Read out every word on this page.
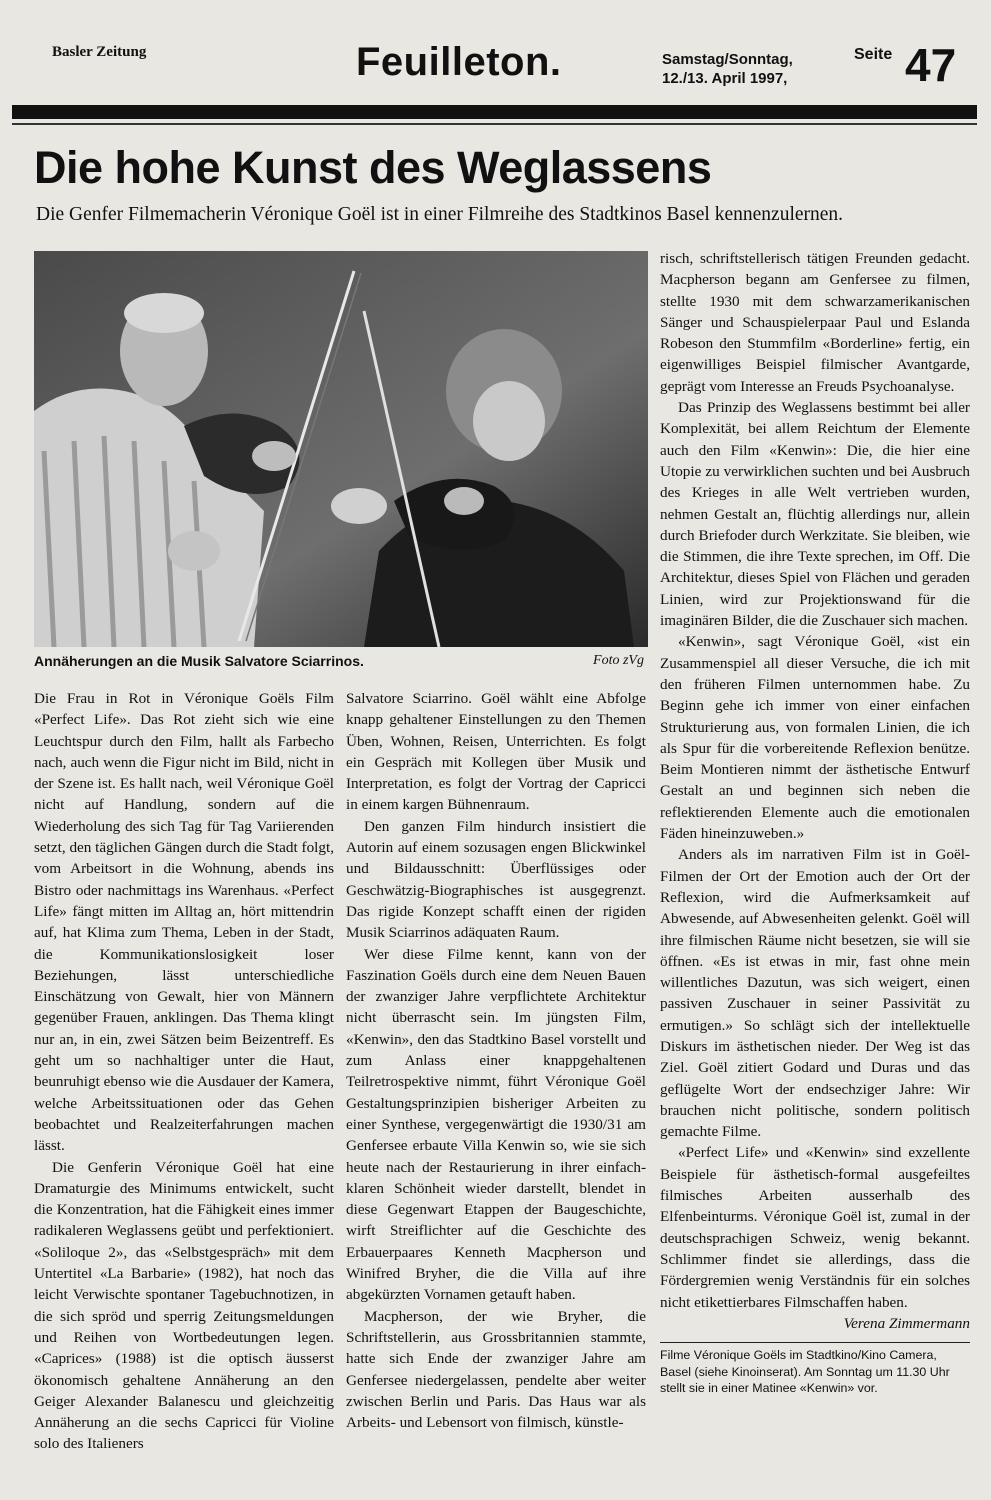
Basler Zeitung	Feuilleton.	Samstag/Sonntag,
12./13. April 1997,
Seite 47
Die hohe Kunst des Weglassens
Die Genfer Filmemacherin Véronique Goël ist in einer Filmreihe des Stadtkinos Basel kennenzulernen.
Annäherungen an die Musik Salvatore Sciarrinos.	Foto zVg

Die Frau in Rot in Véronique Goëls Film «Perfect Life». Das Rot zieht sich wie eine Leuchtspur durch den Film, hallt als Farbecho nach, auch wenn die Figur nicht im Bild, nicht in der Szene ist. Es hallt nach, weil Véronique Goël nicht auf Handlung, sondern auf die Wiederholung des sich Tag für Tag Variierenden setzt, den täglichen Gängen durch die Stadt folgt, vom Arbeitsort in die Wohnung, abends ins Bistro oder nachmittags ins Warenhaus. «Perfect Life» fängt mitten im Alltag an, hört mittendrin auf, hat Klima zum Thema, Leben in der Stadt, die Kommunikationslosigkeit loser Beziehungen, lässt unterschiedliche Einschätzung von Gewalt, hier von Männern gegenüber Frauen, anklingen. Das Thema klingt nur an, in ein, zwei Sätzen beim Beizentreff. Es geht um so nachhaltiger unter die Haut, beunruhigt ebenso wie die Ausdauer der Kamera, welche Arbeitssituationen oder das Gehen beobachtet und Realzeiterfahrungen machen lässt.

Die Genferin Véronique Goël hat eine Dramaturgie des Minimums entwickelt, sucht die Konzentration, hat die Fähigkeit eines immer radikaleren Weglassens geübt und perfektioniert. «Soliloque 2», das «Selbstgespräch» mit dem Untertitel «La Barbarie» (1982), hat noch das leicht Verwischte spontaner Tagebuchnotizen, in die sich spröd und sperrig Zeitungsmeldungen und Reihen von Wortbedeutungen legen. «Caprices» (1988) ist die optisch äusserst ökonomisch gehaltene Annäherung an den Geiger Alexander Balanescu und gleichzeitig Annäherung an die sechs Capricci für Violine solo des Italieners

Salvatore Sciarrino. Goël wählt eine Abfolge knapp gehaltener Einstellungen zu den Themen Üben, Wohnen, Reisen, Unterrichten. Es folgt ein Gespräch mit Kollegen über Musik und Interpretation, es folgt der Vortrag der Capricci in einem kargen Bühnenraum.

Den ganzen Film hindurch insistiert die Autorin auf einem sozusagen engen Blickwinkel und Bildausschnitt: Überflüssiges oder Geschwätzig-Biographisches ist ausgegrenzt. Das rigide Konzept schafft einen der rigiden Musik Sciarrinos adäquaten Raum.

Wer diese Filme kennt, kann von der Faszination Goëls durch eine dem Neuen Bauen der zwanziger Jahre verpflichtete Architektur nicht überrascht sein. Im jüngsten Film, «Kenwin», den das Stadtkino Basel vorstellt und zum Anlass einer knappgehaltenen Teilretrospektive nimmt, führt Véronique Goël Gestaltungsprinzipien bisheriger Arbeiten zu einer Synthese, vergegenwärtigt die 1930/31 am Genfersee erbaute Villa Kenwin so, wie sie sich heute nach der Restaurierung in ihrer einfach-klaren Schönheit wieder darstellt, blendet in diese Gegenwart Etappen der Baugeschichte, wirft Streiflichter auf die Geschichte des Erbauerpaares Kenneth Macpherson und Winifred Bryher, die die Villa auf ihre abgekürzten Vornamen getauft haben.

Macpherson, der wie Bryher, die Schriftstellerin, aus Grossbritannien stammte, hatte sich Ende der zwanziger Jahre am Genfersee niedergelassen, pendelte aber weiter zwischen Berlin und Paris. Das Haus war als Arbeits- und Lebensort von filmisch, künstle-

risch, schriftstellerisch tätigen Freunden gedacht. Macpherson begann am Genfersee zu filmen, stellte 1930 mit dem schwarzamerikanischen Sänger und Schauspielerpaar Paul und Eslanda Robeson den Stummfilm «Borderline» fertig, ein eigenwilliges Beispiel filmischer Avantgarde, geprägt vom Interesse an Freuds Psychoanalyse.

Das Prinzip des Weglassens bestimmt bei aller Komplexität, bei allem Reichtum der Elemente auch den Film «Kenwin»: Die, die hier eine Utopie zu verwirklichen suchten und bei Ausbruch des Krieges in alle Welt vertrieben wurden, nehmen Gestalt an, flüchtig allerdings nur, allein durch Briefoder durch Werkzitate. Sie bleiben, wie die Stimmen, die ihre Texte sprechen, im Off. Die Architektur, dieses Spiel von Flächen und geraden Linien, wird zur Projektionswand für die imaginären Bilder, die die Zuschauer sich machen.

«Kenwin», sagt Véronique Goël, «ist ein Zusammenspiel all dieser Versuche, die ich mit den früheren Filmen unternommen habe. Zu Beginn gehe ich immer von einer einfachen Strukturierung aus, von formalen Linien, die ich als Spur für die vorbereitende Reflexion benütze. Beim Montieren nimmt der ästhetische Entwurf Gestalt an und beginnen sich neben die reflektierenden Elemente auch die emotionalen Fäden hineinzuweben.»

Anders als im narrativen Film ist in Goël-Filmen der Ort der Emotion auch der Ort der Reflexion, wird die Aufmerksamkeit auf Abwesende, auf Abwesenheiten gelenkt. Goël will ihre filmischen Räume nicht besetzen, sie will sie öffnen. «Es ist etwas in mir, fast ohne mein willentliches Dazutun, was sich weigert, einen passiven Zuschauer in seiner Passivität zu ermutigen.» So schlägt sich der intellektuelle Diskurs im ästhetischen nieder. Der Weg ist das Ziel. Goël zitiert Godard und Duras und das geflügelte Wort der endsechziger Jahre: Wir brauchen nicht politische, sondern politisch gemachte Filme.

«Perfect Life» und «Kenwin» sind exzellente Beispiele für ästhetisch-formal ausgefeiltes filmisches Arbeiten ausserhalb des Elfenbeinturms. Véronique Goël ist, zumal in der deutschsprachigen Schweiz, wenig bekannt. Schlimmer findet sie allerdings, dass die Fördergremien wenig Verständnis für ein solches nicht etikettierbares Filmschaffen haben.

Verena Zimmermann
Filme Véronique Goëls im Stadtkino/Kino Camera, Basel (siehe Kinoinserat). Am Sonntag um 11.30 Uhr stellt sie in einer Matinee «Kenwin» vor.
